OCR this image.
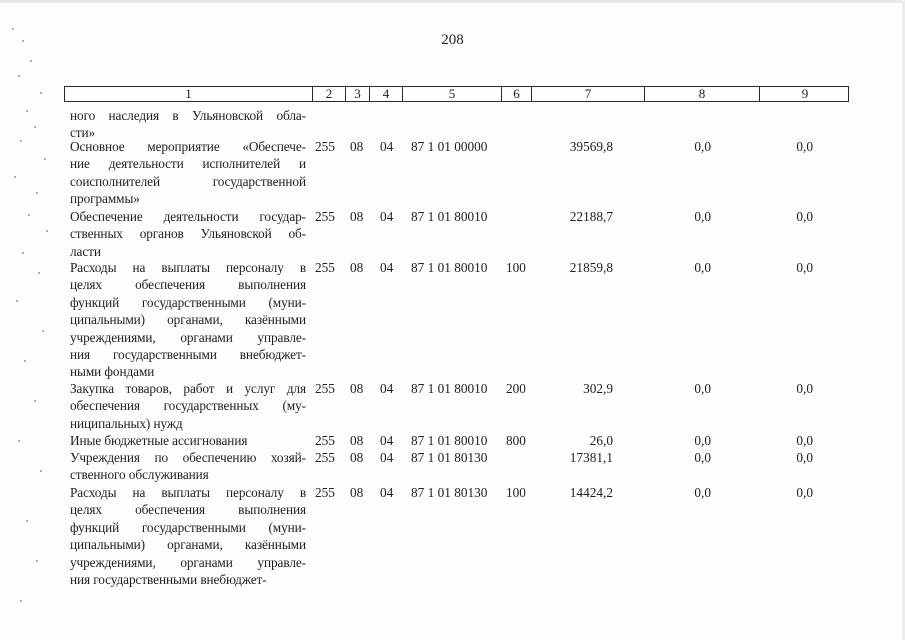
208
1	2	3	4	5	6	7	8	9
ного наследия в Ульяновской обла-
сти»
Основное мероприятие «Обеспече-
ние деятельности исполнителей и
соисполнителей государственной
программы»
255 08 04 87 1 01 00000	39569,8	0,0	0,0
Обеспечение деятельности государ-
ственных органов Ульяновской об-
ласти
255 08 04 87 1 01 80010	22188,7	0,0	0,0
Расходы на выплаты персоналу в
целях обеспечения выполнения
функций государственными (муни-
ципальными) органами, казёнными
учреждениями, органами управле-
ния государственными внебюджет-
ными фондами
255 08 04 87 1 01 80010 100	21859,8	0,0	0,0
Закупка товаров, работ и услуг для
обеспечения государственных (му-
ниципальных) нужд
255 08 04 87 1 01 80010 200	302,9	0,0	0,0
Иные бюджетные ассигнования	255 08 04 87 1 01 80010 800	26,0	0,0	0,0
Учреждения по обеспечению хозяй-
ственного обслуживания
255 08 04 87 1 01 80130	17381,1	0,0	0,0
Расходы на выплаты персоналу в
целях обеспечения выполнения
функций государственными (муни-
ципальными) органами, казёнными
учреждениями, органами управле-
ния государственными внебюджет-
255 08 04 87 1 01 80130 100	14424,2	0,0	0,0
